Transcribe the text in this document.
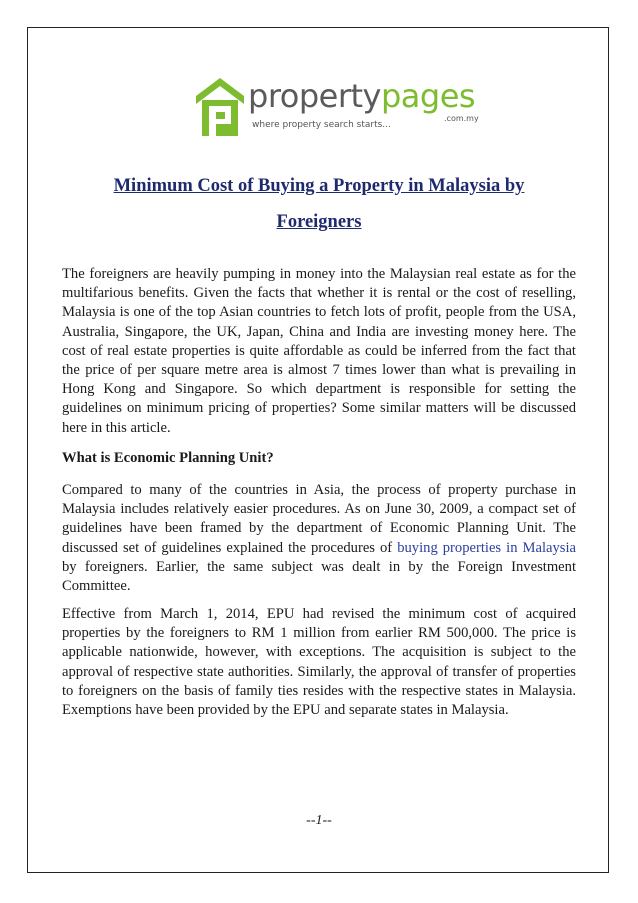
propertypages
.com.my
where property search starts...
Minimum Cost of Buying a Property in Malaysia by
Foreigners
The foreigners are heavily pumping in money into the Malaysian real estate as for the multifarious benefits. Given the facts that whether it is rental or the cost of reselling, Malaysia is one of the top Asian countries to fetch lots of profit, people from the USA, Australia, Singapore, the UK, Japan, China and India are investing money here. The cost of real estate properties is quite affordable as could be inferred from the fact that the price of per square metre area is almost 7 times lower than what is prevailing in Hong Kong and Singapore. So which department is responsible for setting the guidelines on minimum pricing of properties? Some similar matters will be discussed here in this article.
What is Economic Planning Unit?
Compared to many of the countries in Asia, the process of property purchase in Malaysia includes relatively easier procedures. As on June 30, 2009, a compact set of guidelines have been framed by the department of Economic Planning Unit. The discussed set of guidelines explained the procedures of buying properties in Malaysia by foreigners. Earlier, the same subject was dealt in by the Foreign Investment Committee.
Effective from March 1, 2014, EPU had revised the minimum cost of acquired properties by the foreigners to RM 1 million from earlier RM 500,000. The price is applicable nationwide, however, with exceptions. The acquisition is subject to the approval of respective state authorities. Similarly, the approval of transfer of properties to foreigners on the basis of family ties resides with the respective states in Malaysia. Exemptions have been provided by the EPU and separate states in Malaysia.
--1--
